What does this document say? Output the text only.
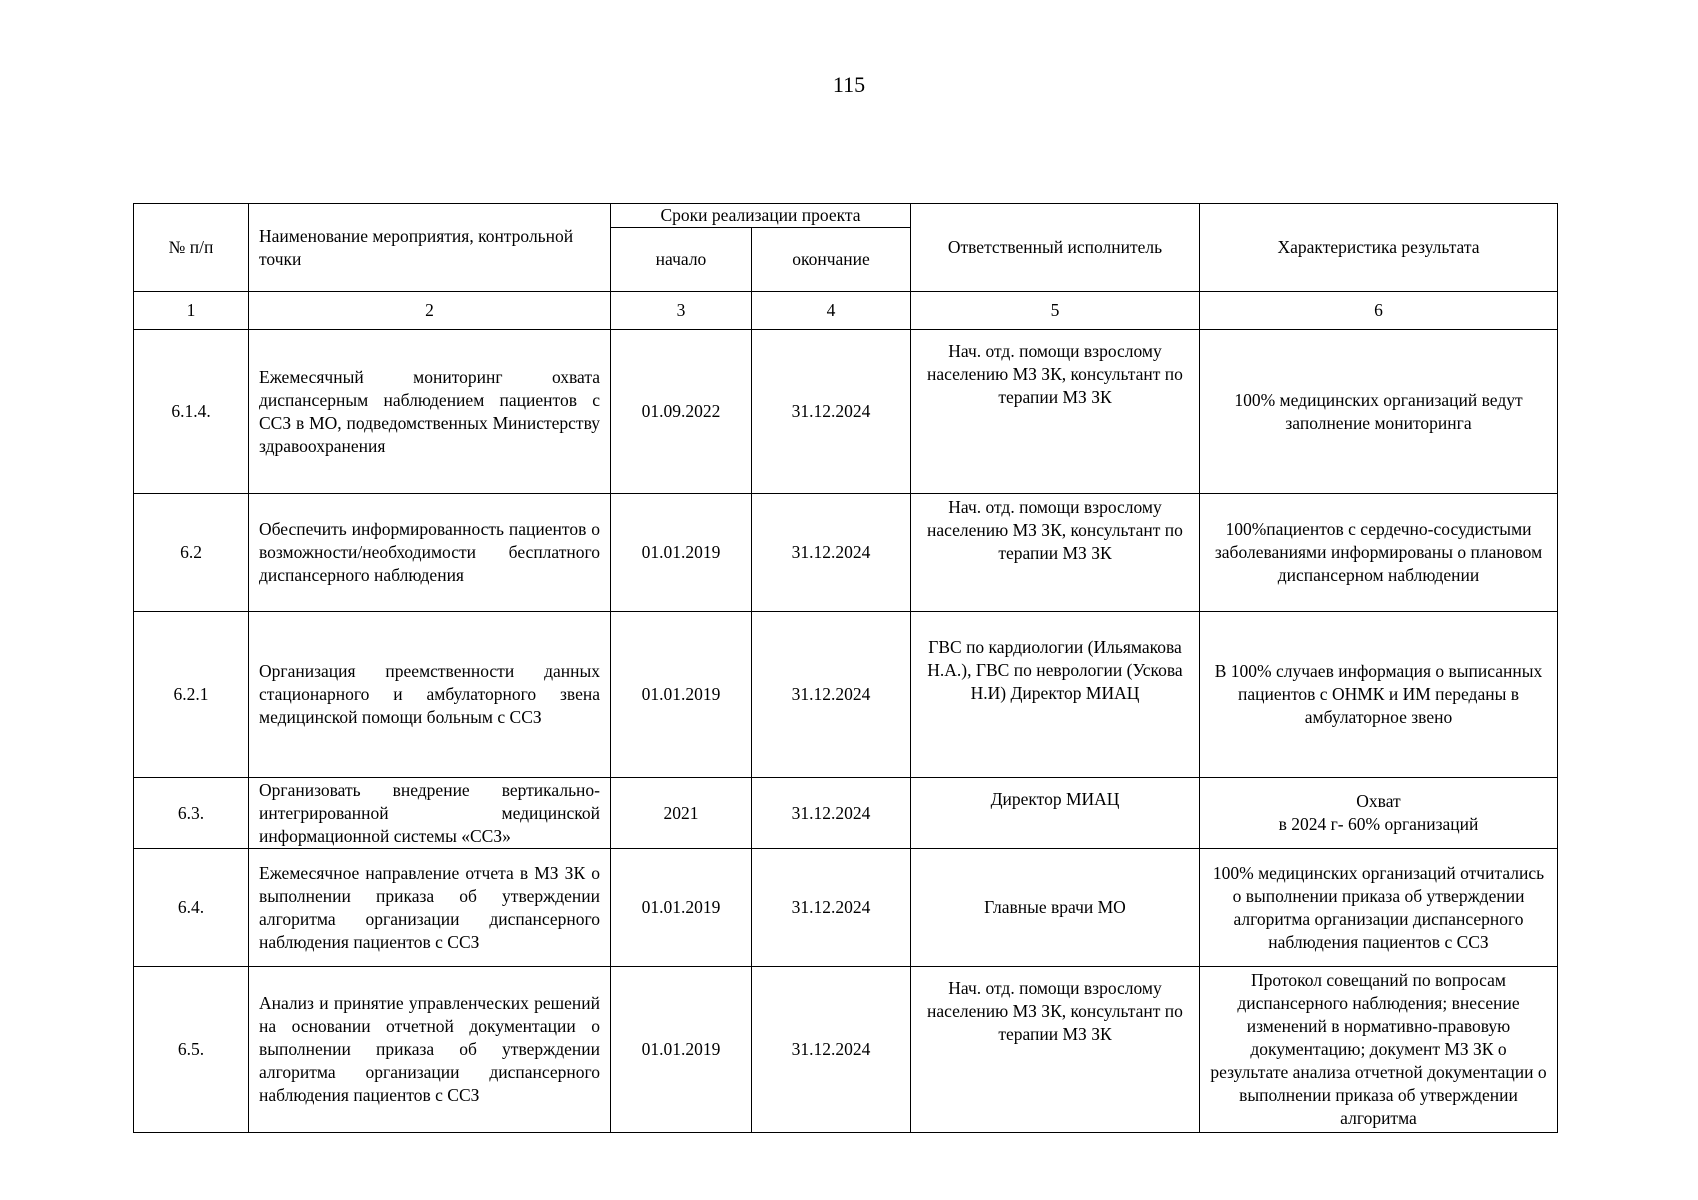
115
№ п/п	Наименование мероприятия, контрольной точки	Сроки реализации проекта		Ответственный исполнитель	Характеристика результата
		начало	окончание		
1	2	3	4	5	6
6.1.4.	Ежемесячный мониторинг охвата диспансерным наблюдением пациентов с ССЗ в МО, подведомственных Министерству здравоохранения	01.09.2022	31.12.2024	Нач. отд. помощи взрослому населению МЗ ЗК, консультант по терапии МЗ ЗК	100% медицинских организаций ведут заполнение мониторинга
6.2	Обеспечить информированность пациентов о возможности/необходимости бесплатного диспансерного наблюдения	01.01.2019	31.12.2024	Нач. отд. помощи взрослому населению МЗ ЗК, консультант по терапии МЗ ЗК	100%пациентов с сердечно-сосудистыми заболеваниями информированы о плановом диспансерном наблюдении
6.2.1	Организация преемственности данных стационарного и амбулаторного звена медицинской помощи больным с ССЗ	01.01.2019	31.12.2024	ГВС по кардиологии (Ильямакова Н.А.), ГВС по неврологии (Ускова Н.И) Директор МИАЦ	В 100% случаев информация о выписанных пациентов с ОНМК и ИМ переданы в амбулаторное звено
6.3.	Организовать внедрение вертикально-интегрированной медицинской информационной системы «ССЗ»	2021	31.12.2024	Директор МИАЦ	Охват
в 2024 г- 60% организаций

6.4.	Ежемесячное направление отчета в МЗ ЗК о выполнении приказа об утверждении алгоритма организации диспансерного наблюдения пациентов с ССЗ	01.01.2019	31.12.2024	Главные врачи МО	100% медицинских организаций отчитались о выполнении приказа об утверждении алгоритма организации диспансерного наблюдения пациентов с ССЗ
6.5.	Анализ и принятие управленческих решений на основании отчетной документации о выполнении приказа об утверждении алгоритма организации диспансерного наблюдения пациентов с ССЗ	01.01.2019	31.12.2024	Нач. отд. помощи взрослому населению МЗ ЗК, консультант по терапии МЗ ЗК	Протокол совещаний по вопросам диспансерного наблюдения; внесение изменений в нормативно-правовую документацию; документ МЗ ЗК о результате анализа отчетной документации о выполнении приказа об утверждении алгоритма
